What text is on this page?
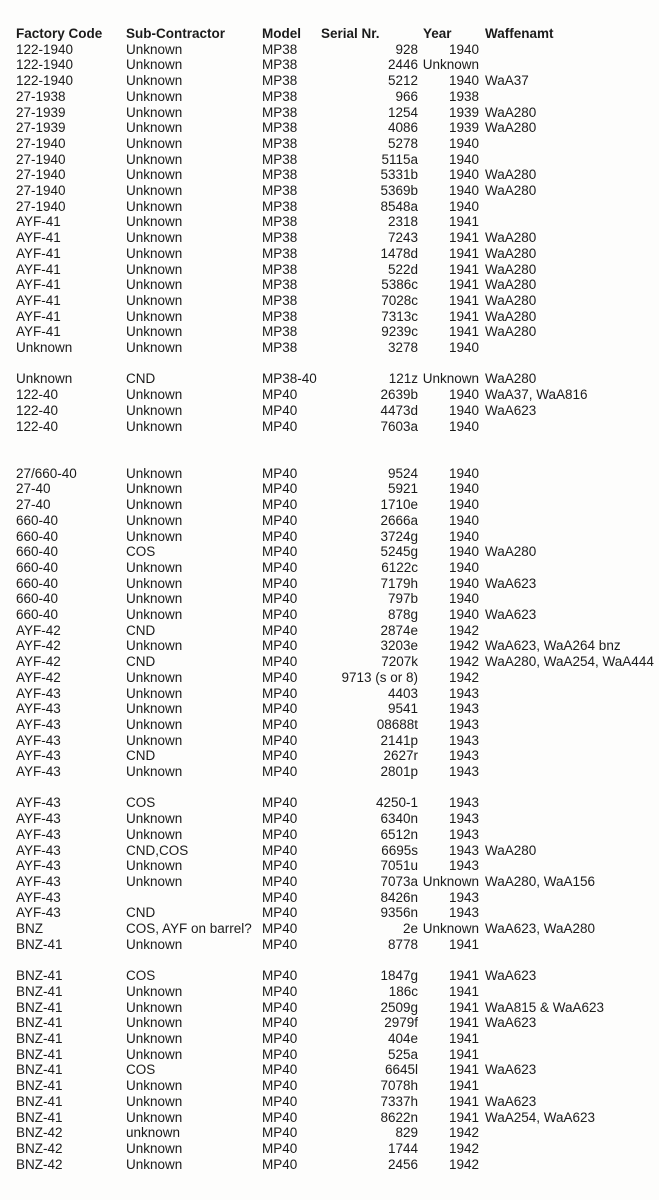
Factory Code	Sub-Contractor	Model	Serial Nr.	Year	Waffenamt
122-1940	Unknown	MP38	928	1940	
122-1940	Unknown	MP38	2446	Unknown	
122-1940	Unknown	MP38	5212	1940	WaA37
27-1938	Unknown	MP38	966	1938	
27-1939	Unknown	MP38	1254	1939	WaA280
27-1939	Unknown	MP38	4086	1939	WaA280
27-1940	Unknown	MP38	5278	1940	
27-1940	Unknown	MP38	5115a	1940	
27-1940	Unknown	MP38	5331b	1940	WaA280
27-1940	Unknown	MP38	5369b	1940	WaA280
27-1940	Unknown	MP38	8548a	1940	
AYF-41	Unknown	MP38	2318	1941	
AYF-41	Unknown	MP38	7243	1941	WaA280
AYF-41	Unknown	MP38	1478d	1941	WaA280
AYF-41	Unknown	MP38	522d	1941	WaA280
AYF-41	Unknown	MP38	5386c	1941	WaA280
AYF-41	Unknown	MP38	7028c	1941	WaA280
AYF-41	Unknown	MP38	7313c	1941	WaA280
AYF-41	Unknown	MP38	9239c	1941	WaA280
Unknown	Unknown	MP38	3278	1940	

Unknown	CND	MP38-40	121z	Unknown	WaA280
122-40	Unknown	MP40	2639b	1940	WaA37, WaA816
122-40	Unknown	MP40	4473d	1940	WaA623
122-40	Unknown	MP40	7603a	1940	

27/660-40	Unknown	MP40	9524	1940	
27-40	Unknown	MP40	5921	1940	
27-40	Unknown	MP40	1710e	1940	
660-40	Unknown	MP40	2666a	1940	
660-40	Unknown	MP40	3724g	1940	
660-40	COS	MP40	5245g	1940	WaA280
660-40	Unknown	MP40	6122c	1940	
660-40	Unknown	MP40	7179h	1940	WaA623
660-40	Unknown	MP40	797b	1940	
660-40	Unknown	MP40	878g	1940	WaA623
AYF-42	CND	MP40	2874e	1942	
AYF-42	Unknown	MP40	3203e	1942	WaA623, WaA264 bnz
AYF-42	CND	MP40	7207k	1942	WaA280, WaA254, WaA444
AYF-42	Unknown	MP40	9713 (s or 8)	1942	
AYF-43	Unknown	MP40	4403	1943	
AYF-43	Unknown	MP40	9541	1943	
AYF-43	Unknown	MP40	08688t	1943	
AYF-43	Unknown	MP40	2141p	1943	
AYF-43	CND	MP40	2627r	1943	
AYF-43	Unknown	MP40	2801p	1943	

AYF-43	COS	MP40	4250-1	1943	
AYF-43	Unknown	MP40	6340n	1943	
AYF-43	Unknown	MP40	6512n	1943	
AYF-43	CND,COS	MP40	6695s	1943	WaA280
AYF-43	Unknown	MP40	7051u	1943	
AYF-43	Unknown	MP40	7073a	Unknown	WaA280, WaA156
AYF-43		MP40	8426n	1943	
AYF-43	CND	MP40	9356n	1943	
BNZ	COS, AYF on barrel?	MP40	2e	Unknown	WaA623, WaA280
BNZ-41	Unknown	MP40	8778	1941	

BNZ-41	COS	MP40	1847g	1941	WaA623
BNZ-41	Unknown	MP40	186c	1941	
BNZ-41	Unknown	MP40	2509g	1941	WaA815 & WaA623
BNZ-41	Unknown	MP40	2979f	1941	WaA623
BNZ-41	Unknown	MP40	404e	1941	
BNZ-41	Unknown	MP40	525a	1941	
BNZ-41	COS	MP40	6645l	1941	WaA623
BNZ-41	Unknown	MP40	7078h	1941	
BNZ-41	Unknown	MP40	7337h	1941	WaA623
BNZ-41	Unknown	MP40	8622n	1941	WaA254, WaA623
BNZ-42	unknown	MP40	829	1942	
BNZ-42	Unknown	MP40	1744	1942	
BNZ-42	Unknown	MP40	2456	1942	
